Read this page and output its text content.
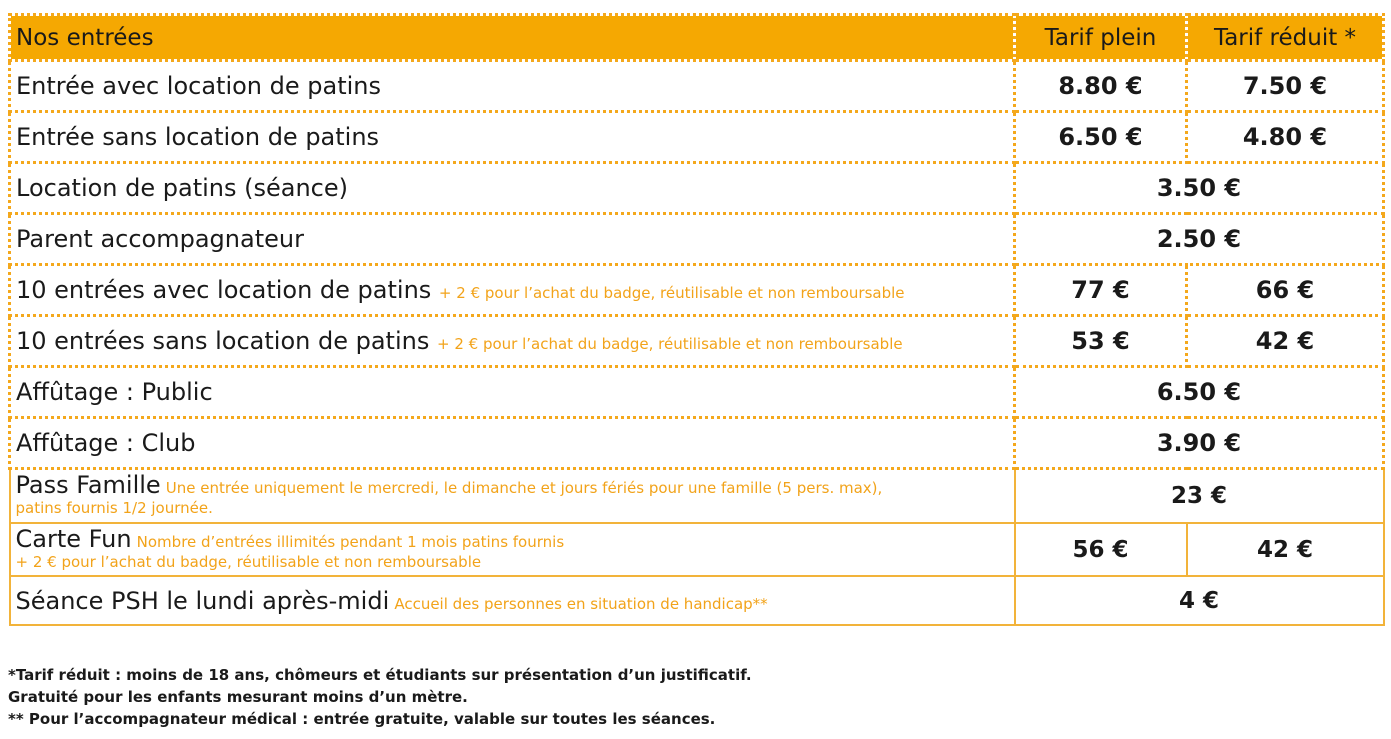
Nos entrées	Tarif plein	Tarif réduit *
Entrée avec location de patins	8.80 €	7.50 €
Entrée sans location de patins	6.50 €	4.80 €
Location de patins (séance)	3.50 €	
Parent accompagnateur	2.50 €	
10 entrées avec location de patins + 2 € pour l’achat du badge, réutilisable et non remboursable	77 €	66 €
10 entrées sans location de patins + 2 € pour l’achat du badge, réutilisable et non remboursable	53 €	42 €
Affûtage : Public	6.50 €	
Affûtage : Club	3.90 €	

Pass Famille Une entrée uniquement le mercredi, le dimanche et jours fériés pour une famille (5 pers. max),
patins fournis 1/2 journée.	23 €	

Carte Fun Nombre d’entrées illimités pendant 1 mois patins fournis
+ 2 € pour l’achat du badge, réutilisable et non remboursable	56 €	42 €
Séance PSH le lundi après-midi Accueil des personnes en situation de handicap**	4 €	
*Tarif réduit : moins de 18 ans, chômeurs et étudiants sur présentation d’un justificatif.
Gratuité pour les enfants mesurant moins d’un mètre.
** Pour l’accompagnateur médical : entrée gratuite, valable sur toutes les séances.
